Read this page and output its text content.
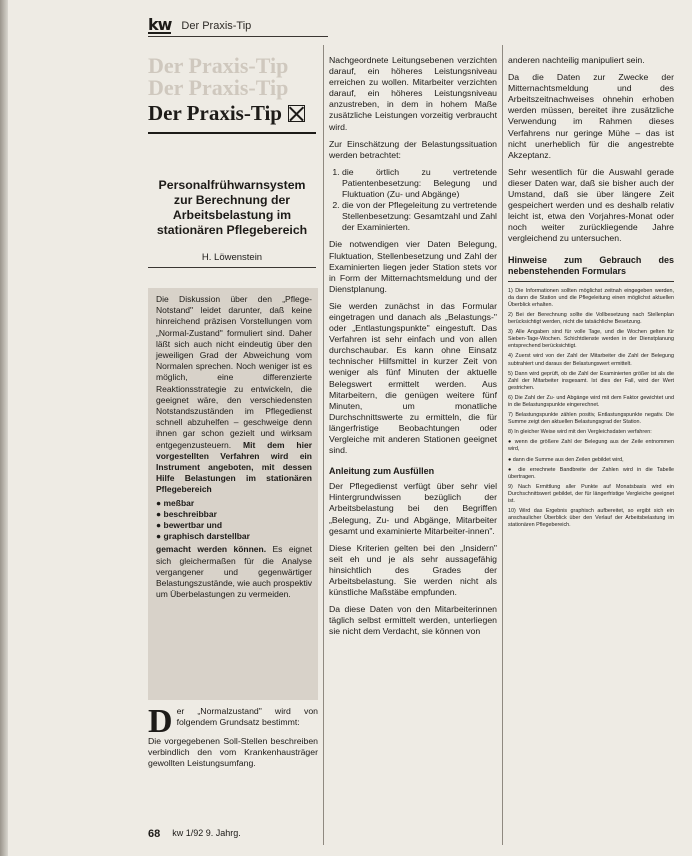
kw Der Praxis-Tip
Der Praxis-Tip
Der Praxis-Tip
Der Praxis-Tip
Personalfrühwarnsystem zur Berechnung der Arbeitsbelastung im stationären Pflegebereich
H. Löwenstein
Die Diskussion über den „Pflege-Notstand" leidet darunter, daß keine hinreichend präzisen Vorstellungen vom „Normal-Zustand" formuliert sind. Daher läßt sich auch nicht eindeutig über den jeweiligen Grad der Abweichung vom Normalen sprechen. Noch weniger ist es möglich, eine differenzierte Reaktionsstrategie zu entwickeln, die geeignet wäre, den verschiedensten Notstandszuständen im Pflegedienst schnell abzuhelfen – geschweige denn ihnen gar schon gezielt und wirksam entgegenzusteuern. Mit dem hier vorgestellten Verfahren wird ein Instrument angeboten, mit dessen Hilfe Belastungen im stationären Pflegebereich
● meßbar
● beschreibbar
● bewertbar und
● graphisch darstellbar
gemacht werden können. Es eignet sich gleichermaßen für die Analyse vergangener und gegenwärtiger Belastungszustände, wie auch prospektiv um Überbelastungen zu vermeiden.
D er „Normalzustand" wird von folgendem Grundsatz bestimmt:
Die vorgegebenen Soll-Stellen beschreiben verbindlich den vom Krankenhausträger gewollten Leistungsumfang.
68 kw 1/92 9. Jahrg.

Nachgeordnete Leitungsebenen verzichten darauf, ein höheres Leistungsniveau erreichen zu wollen. Mitarbeiter verzichten darauf, ein höheres Leistungsniveau anzustreben, in dem in hohem Maße zusätzliche Leistungen vorzeitig verbraucht wird.

Zur Einschätzung der Belastungssituation werden betrachtet:

1. die örtlich zu vertretende Patientenbesetzung: Belegung und Fluktuation (Zu- und Abgänge)
2. die von der Pflegeleitung zu vertretende Stellenbesetzung: Gesamtzahl und Zahl der Examinierten.

Die notwendigen vier Daten Belegung, Fluktuation, Stellenbesetzung und Zahl der Examinierten liegen jeder Station stets vor in Form der Mitternachtsmeldung und der Dienstplanung.

Sie werden zunächst in das Formular eingetragen und danach als „Belastungs-" oder „Entlastungspunkte" eingestuft. Das Verfahren ist sehr einfach und von allen durchschaubar. Es kann ohne Einsatz technischer Hilfsmittel in kurzer Zeit von weniger als fünf Minuten der aktuelle Belegswert ermittelt werden. Aus Mitarbeitern, die genügen weitere fünf Minuten, um monatliche Durchschnittswerte zu ermitteln, die für längerfristige Beobachtungen oder Vergleiche mit anderen Stationen geeignet sind.

Anleitung zum Ausfüllen

Der Pflegedienst verfügt über sehr viel Hintergrundwissen bezüglich der Arbeitsbelastung bei den Begriffen „Belegung, Zu- und Abgänge, Mitarbeiter gesamt und examinierte Mitarbeiter-innen".

Diese Kriterien gelten bei den „Insidern" seit eh und je als sehr aussagefähig hinsichtlich des Grades der Arbeitsbelastung. Sie werden nicht als künstliche Maßstäbe empfunden.

Da diese Daten von den Mitarbeiterinnen täglich selbst ermittelt werden, unterliegen sie nicht dem Verdacht, sie können von

anderen nachteilig manipuliert sein.

Da die Daten zur Zwecke der Mitternachtsmeldung und des Arbeitszeitnachweises ohnehin erhoben werden müssen, bereitet ihre zusätzliche Verwendung im Rahmen dieses Verfahrens nur geringe Mühe – das ist nicht unerheblich für die angestrebte Akzeptanz.

Sehr wesentlich für die Auswahl gerade dieser Daten war, daß sie bisher auch der Umstand, daß sie über längere Zeit gespeichert werden und es deshalb relativ leicht ist, etwa den Vorjahres-Monat oder noch weiter zurückliegende Jahre vergleichend zu untersuchen.

Hinweise zum Gebrauch des nebenstehenden Formulars

1) Die Informationen sollten möglichst zeitnah eingegeben werden, da dann die Station und die Pflegeleitung einen möglichst aktuellen Überblick erhalten.

2) Bei der Berechnung sollte die Vollbesetzung nach Stellenplan berücksichtigt werden, nicht die tatsächliche Besetzung.

3) Alle Angaben sind für volle Tage, und die Wochen gelten für Sieben-Tage-Wochen. Schichtdienste werden in der Dienstplanung entsprechend berücksichtigt.

4) Zuerst wird von der Zahl der Mitarbeiter die Zahl der Belegung subtrahiert und daraus der Belastungswert ermittelt.

5) Dann wird geprüft, ob die Zahl der Examinierten größer ist als die Zahl der Mitarbeiter insgesamt. Ist dies der Fall, wird der Wert gestrichen.

6) Die Zahl der Zu- und Abgänge wird mit dem Faktor gewichtet und in die Belastungspunkte eingerechnet.

7) Belastungspunkte zählen positiv, Entlastungspunkte negativ. Die Summe zeigt den aktuellen Belastungsgrad der Station.

8) In gleicher Weise wird mit den Vergleichsdaten verfahren:

● wenn die größere Zahl der Belegung aus der Zeile entnommen wird,

● dann die Summe aus den Zeilen gebildet wird,

● die errechnete Bandbreite der Zahlen wird in die Tabelle übertragen.

9) Nach Ermittlung aller Punkte auf Monatsbasis wird ein Durchschnittswert gebildet, der für längerfristige Vergleiche geeignet ist.

10) Wird das Ergebnis graphisch aufbereitet, so ergibt sich ein anschaulicher Überblick über den Verlauf der Arbeitsbelastung im stationären Pflegebereich.
